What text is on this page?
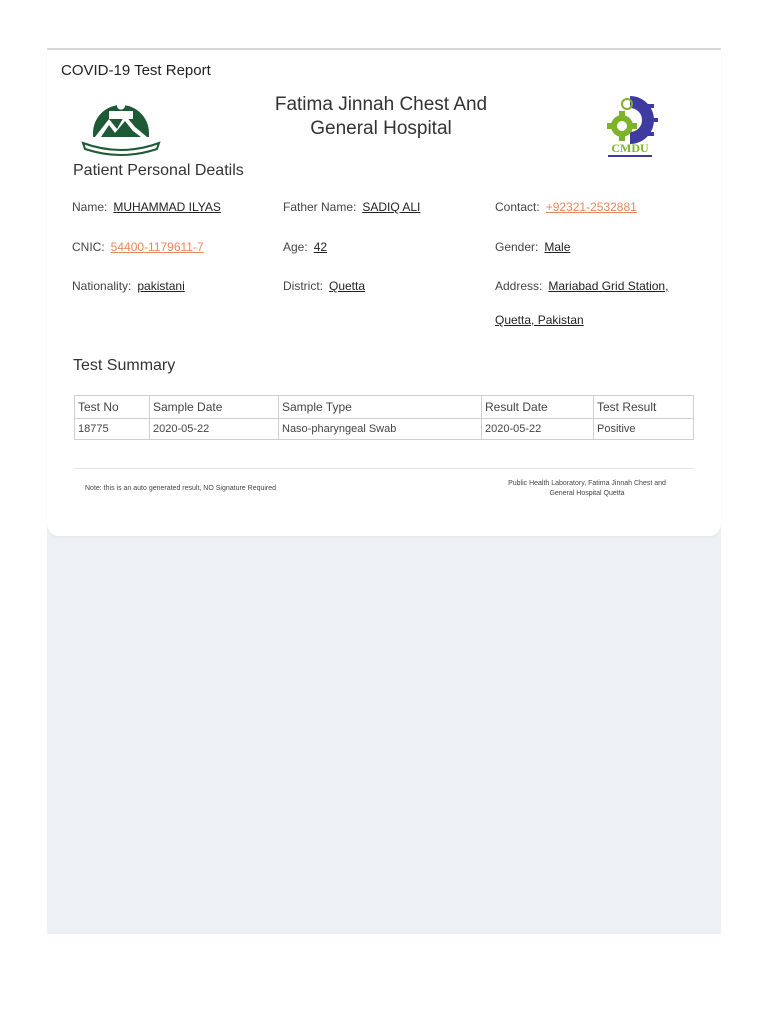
COVID-19 Test Report
Fatima Jinnah Chest And
General Hospital
CMDU
Patient Personal Deatils
Name: MUHAMMAD ILYAS	Father Name: SADIQ ALI	Contact: +92321-2532881
CNIC: 54400-1179611-7	Age: 42	Gender: Male
Nationality: pakistani	District: Quetta	Address: Mariabad Grid Station,
Quetta, Pakistan
Test Summary
Test No	Sample Date	Sample Type	Result Date	Test Result
18775	2020-05-22	Naso-pharyngeal Swab	2020-05-22	Positive
Note: this is an auto generated result, NO Signature Required
Public Health Laboratory, Fatima Jinnah Chest and
General Hospital Quetta
